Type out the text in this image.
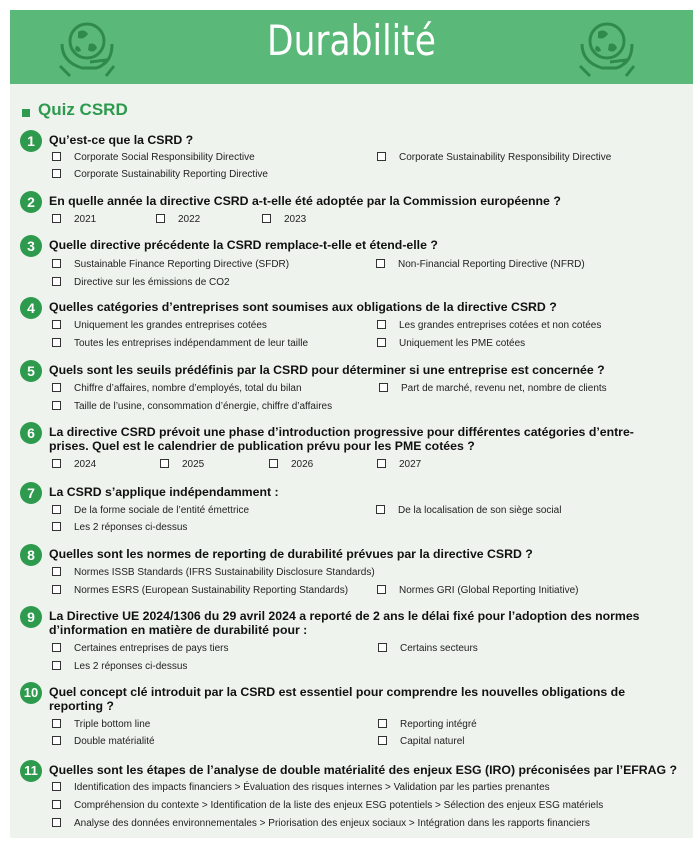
Durabilité
Quiz CSRD
1	Qu’est-ce que la CSRD ?
Corporate Social Responsibility Directive	Corporate Sustainability Responsibility Directive
Corporate Sustainability Reporting Directive
2	En quelle année la directive CSRD a-t-elle été adoptée par la Commission européenne ?
2021	2022	2023
3	Quelle directive précédente la CSRD remplace-t-elle et étend-elle ?
Sustainable Finance Reporting Directive (SFDR)	Non-Financial Reporting Directive (NFRD)
Directive sur les émissions de CO2
4	Quelles catégories d’entreprises sont soumises aux obligations de la directive CSRD ?
Uniquement les grandes entreprises cotées	Les grandes entreprises cotées et non cotées
Toutes les entreprises indépendamment de leur taille	Uniquement les PME cotées
5	Quels sont les seuils prédéfinis par la CSRD pour déterminer si une entreprise est concernée ?
Chiffre d’affaires, nombre d’employés, total du bilan	Part de marché, revenu net, nombre de clients
Taille de l’usine, consommation d’énergie, chiffre d’affaires
6	La directive CSRD prévoit une phase d’introduction progressive pour différentes catégories d’entre-
prises. Quel est le calendrier de publication prévu pour les PME cotées ?
2024	2025	2026	2027
7	La CSRD s’applique indépendamment :
De la forme sociale de l’entité émettrice	De la localisation de son siège social
Les 2 réponses ci-dessus
8	Quelles sont les normes de reporting de durabilité prévues par la directive CSRD ?
Normes ISSB Standards (IFRS Sustainability Disclosure Standards)
Normes ESRS (European Sustainability Reporting Standards)	Normes GRI (Global Reporting Initiative)
9	La Directive UE 2024/1306 du 29 avril 2024 a reporté de 2 ans le délai fixé pour l’adoption des normes
d’information en matière de durabilité pour :
Certaines entreprises de pays tiers	Certains secteurs
Les 2 réponses ci-dessus
10 Quel concept clé introduit par la CSRD est essentiel pour comprendre les nouvelles obligations de
reporting ?
Triple bottom line	Reporting intégré
Double matérialité	Capital naturel
11 Quelles sont les étapes de l’analyse de double matérialité des enjeux ESG (IRO) préconisées par l’EFRAG ?
Identification des impacts financiers > Évaluation des risques internes > Validation par les parties prenantes
Compréhension du contexte > Identification de la liste des enjeux ESG potentiels > Sélection des enjeux ESG matériels
Analyse des données environnementales > Priorisation des enjeux sociaux > Intégration dans les rapports financiers
